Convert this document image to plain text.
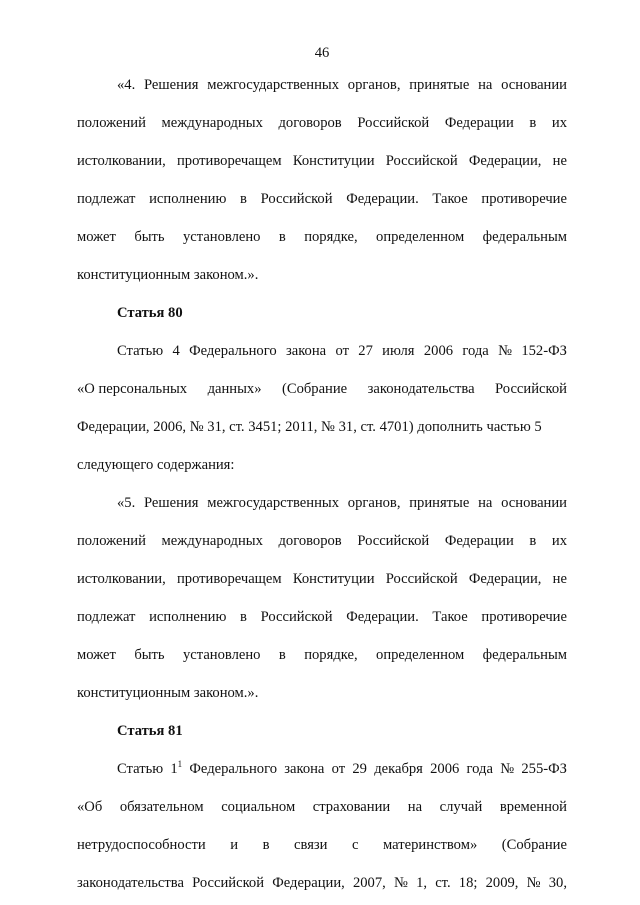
46
«4. Решения межгосударственных органов, принятые на основании
положений международных договоров Российской Федерации в их
истолковании, противоречащем Конституции Российской Федерации, не
подлежат исполнению в Российской Федерации. Такое противоречие
может быть установлено в порядке, определенном федеральным
конституционным законом.».
Статья 80
Статью 4 Федерального закона от 27 июля 2006 года № 152-ФЗ
«О персональных данных» (Собрание законодательства Российской
Федерации, 2006, № 31, ст. 3451; 2011, № 31, ст. 4701) дополнить частью 5
следующего содержания:
«5. Решения межгосударственных органов, принятые на основании
положений международных договоров Российской Федерации в их
истолковании, противоречащем Конституции Российской Федерации, не
подлежат исполнению в Российской Федерации. Такое противоречие
может быть установлено в порядке, определенном федеральным
конституционным законом.».
Статья 81
Статью $1^1$ Федерального закона от 29 декабря 2006 года № 255-ФЗ
«Об обязательном социальном страховании на случай временной
нетрудоспособности и в связи с материнством» (Собрание
законодательства Российской Федерации, 2007, № 1, ст. 18; 2009, № 30,
